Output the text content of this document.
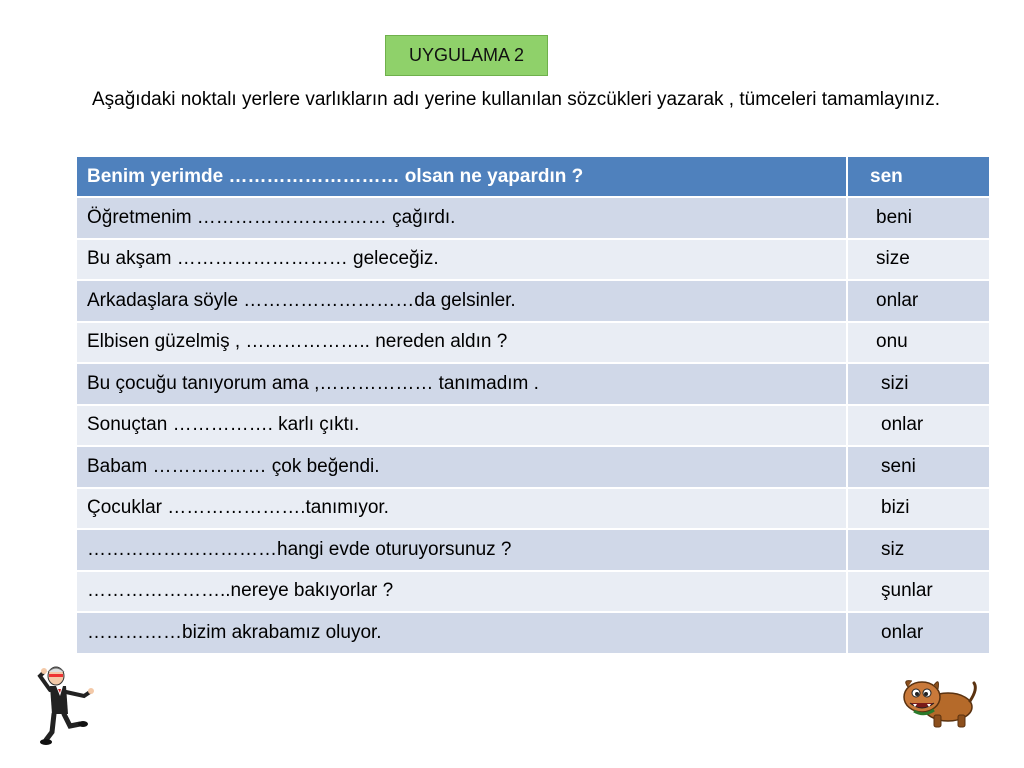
UYGULAMA 2

Aşağıdaki noktalı yerlere varlıkların adı yerine kullanılan sözcükleri yazarak , tümceleri tamamlayınız.

Benim yerimde ……………………… olsan ne yapardın ?	sen
Öğretmenim ………………………… çağırdı.	beni
Bu akşam ……………………… geleceğiz.	size
Arkadaşlara söyle ………………………da gelsinler.	onlar
Elbisen güzelmiş , ……………….. nereden aldın ?	onu
Bu çocuğu tanıyorum ama ,……………… tanımadım .	sizi
Sonuçtan ……………. karlı çıktı.	onlar
Babam ……………… çok beğendi.	seni
Çocuklar ………………….tanımıyor.	bizi
…………………………hangi evde oturuyorsunuz ?	siz
…………………..nereye bakıyorlar ?	şunlar
……………bizim akrabamız oluyor.	onlar
